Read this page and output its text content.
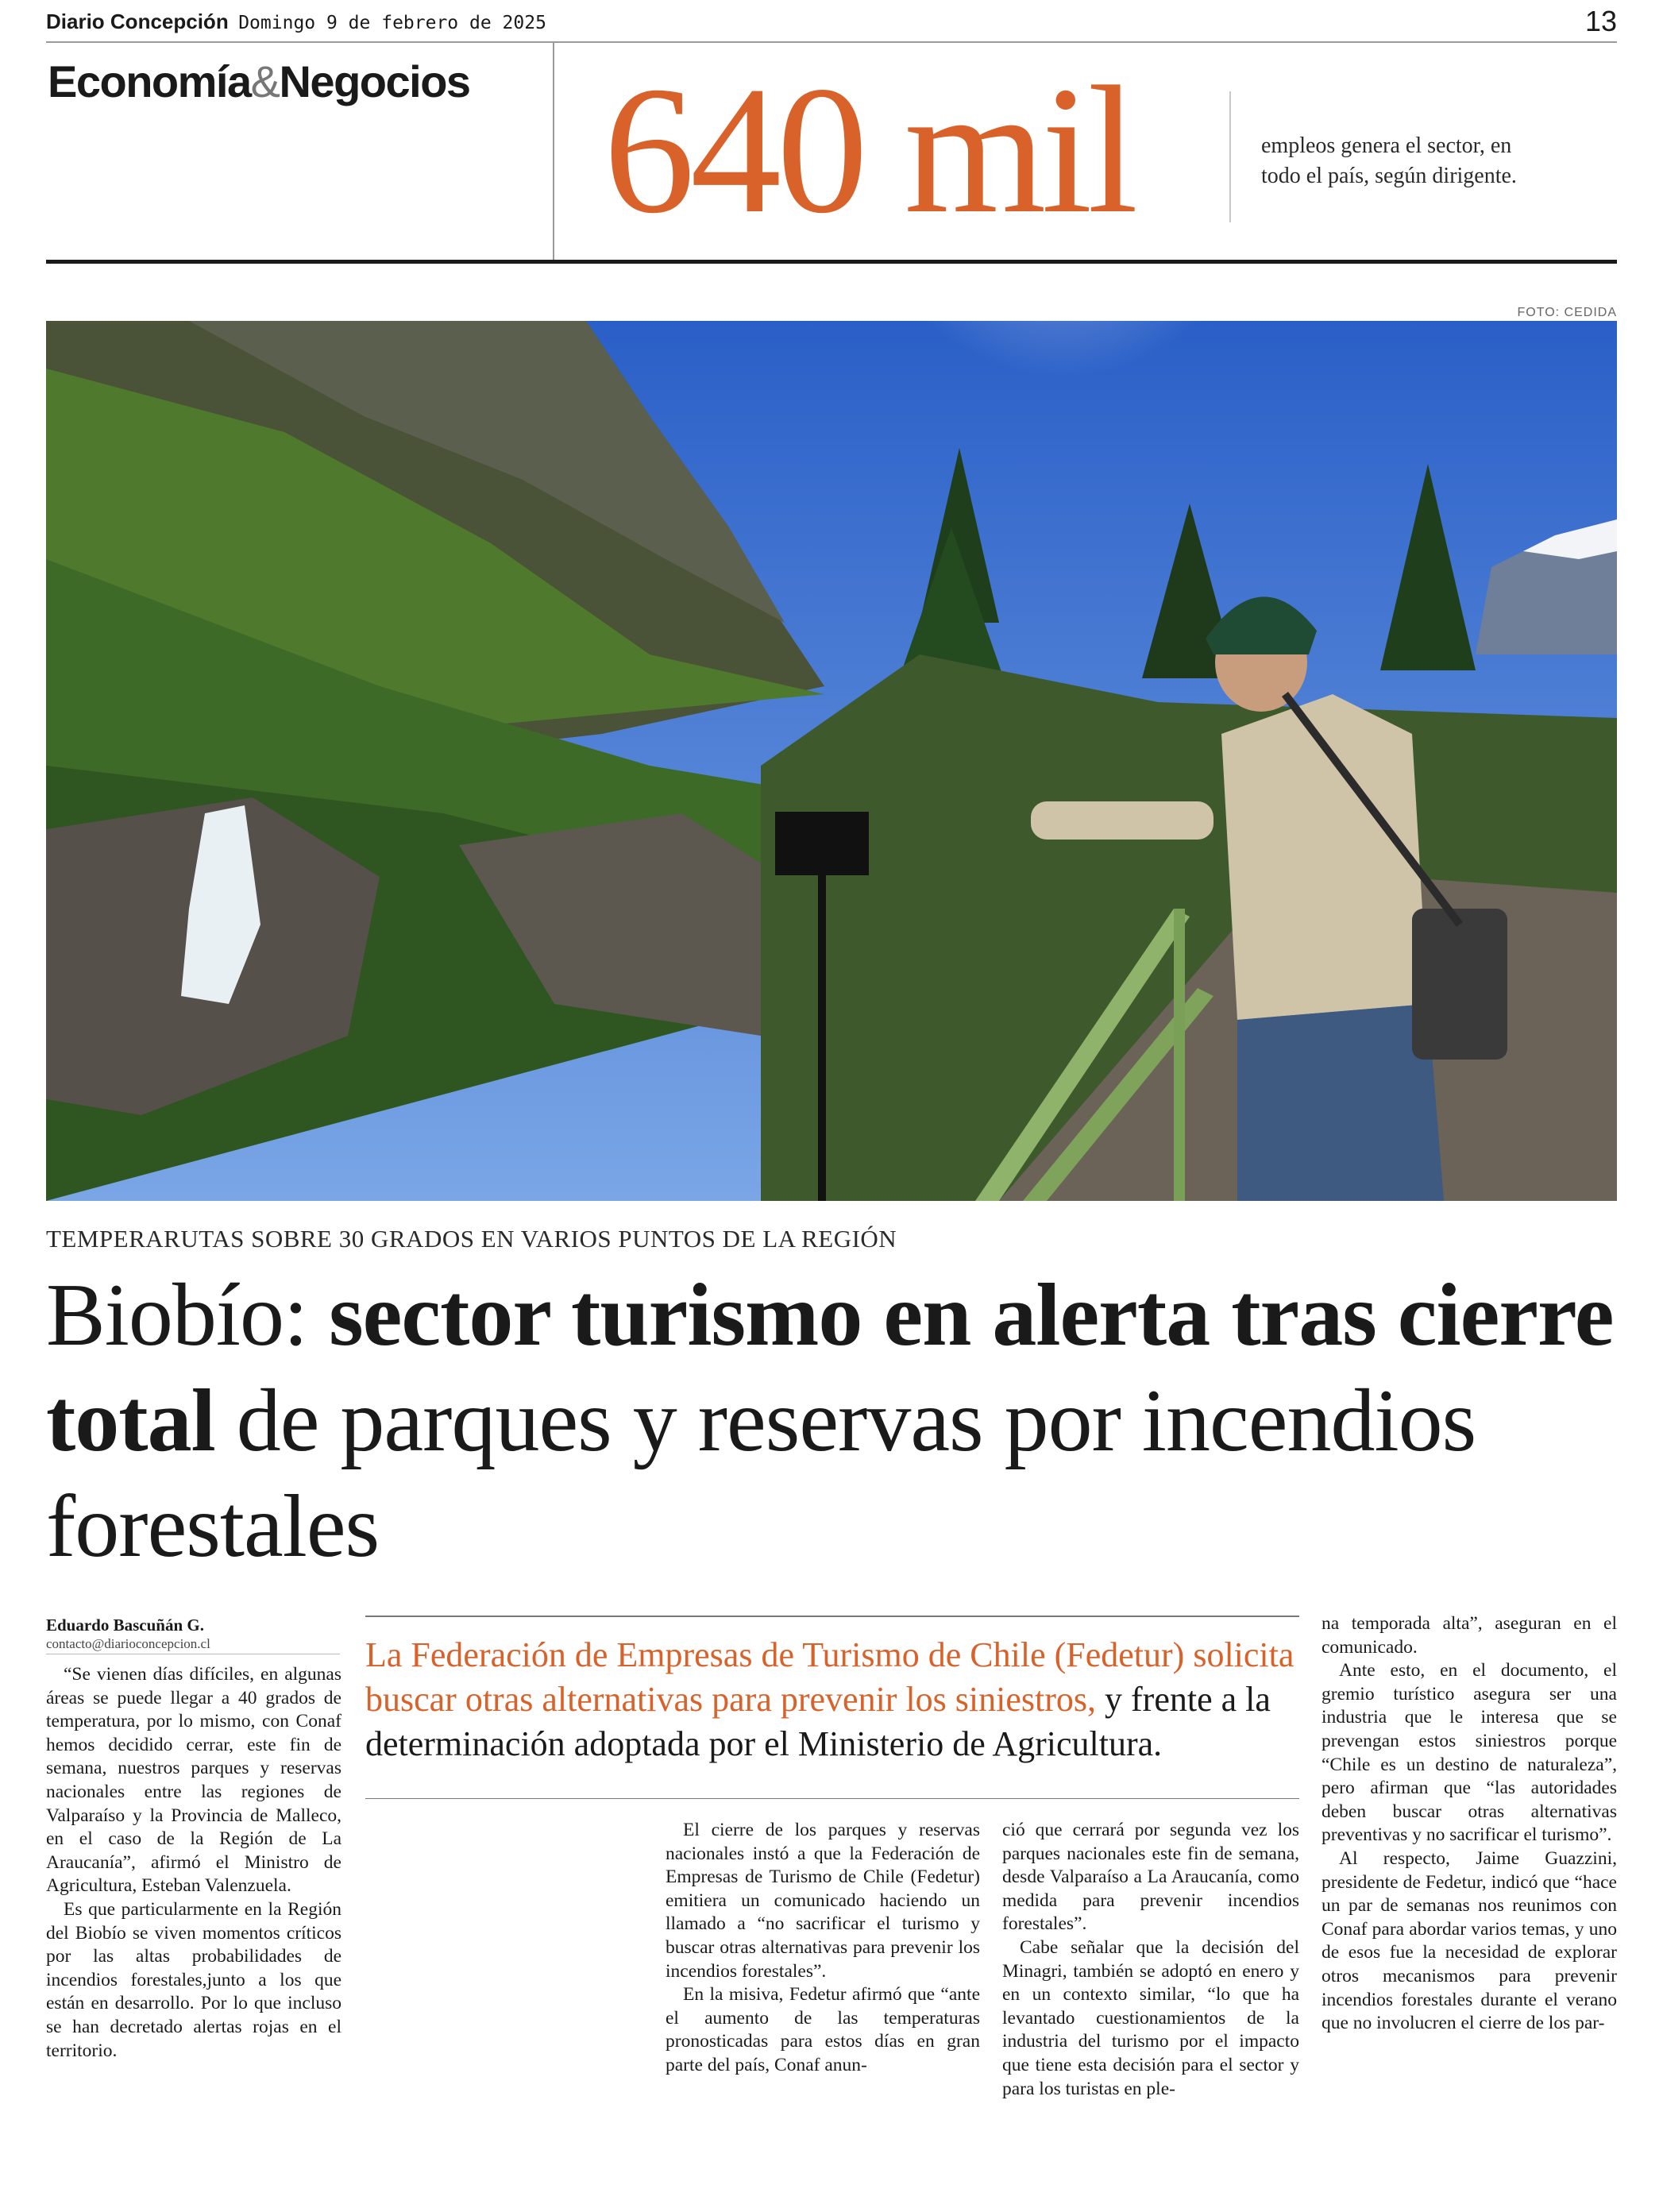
Diario Concepción Domingo 9 de febrero de 2025	13
Economía&Negocios 640 mil	empleos genera el sector, en todo el país, según dirigente.
FOTO: CEDIDA
TEMPERARUTAS SOBRE 30 GRADOS EN VARIOS PUNTOS DE LA REGIÓN
Biobío: sector turismo en alerta tras cierre total de parques y reservas por incendios forestales
Eduardo Bascuñán G.
contacto@diarioconcepcion.cl	La Federación de Empresas de Turismo de Chile (Fedetur) solicita buscar otras alternativas para prevenir los siniestros, y frente a la determinación adoptada por el Ministerio de Agricultura.

“Se vienen días difíciles, en algunas áreas se puede llegar a 40 grados de temperatura, por lo mismo, con Conaf hemos decidido cerrar, este fin de semana, nuestros parques y reservas nacionales entre las regiones de Valparaíso y la Provincia de Malleco, en el caso de la Región de La Araucanía”, afirmó el Ministro de Agricultura, Esteban Valenzuela.

Es que particularmente en la Región del Biobío se viven momentos críticos por las altas probabilidades de incendios forestales,junto a los que están en desarrollo. Por lo que incluso se han decretado alertas rojas en el territorio.

El cierre de los parques y reservas nacionales instó a que la Federación de Empresas de Turismo de Chile (Fedetur) emitiera un comunicado haciendo un llamado a “no sacrificar el turismo y buscar otras alternativas para prevenir los incendios forestales”.

En la misiva, Fedetur afirmó que “ante el aumento de las temperaturas pronosticadas para estos días en gran parte del país, Conaf anun-

ció que cerrará por segunda vez los parques nacionales este fin de semana, desde Valparaíso a La Araucanía, como medida para prevenir incendios forestales”.

Cabe señalar que la decisión del Minagri, también se adoptó en enero y en un contexto similar, “lo que ha levantado cuestionamientos de la industria del turismo por el impacto que tiene esta decisión para el sector y para los turistas en ple-

na temporada alta”, aseguran en el comunicado.

Ante esto, en el documento, el gremio turístico asegura ser una industria que le interesa que se prevengan estos siniestros porque “Chile es un destino de naturaleza”, pero afirman que “las autoridades deben buscar otras alternativas preventivas y no sacrificar el turismo”.

Al respecto, Jaime Guazzini, presidente de Fedetur, indicó que “hace un par de semanas nos reunimos con Conaf para abordar varios temas, y uno de esos fue la necesidad de explorar otros mecanismos para prevenir incendios forestales durante el verano que no involucren el cierre de los par-
